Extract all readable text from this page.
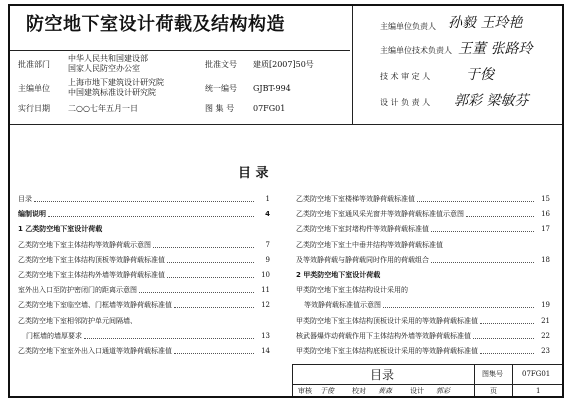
防空地下室设计荷载及结构构造
批准部门
中华人民共和国建设部
国家人民防空办公室	批准文号 建质[2007]50号
主编单位
上海市地下建筑设计研究院
中国建筑标准设计研究院	统一编号 GJBT-994
实行日期 二○○七年五月一日	图 集 号 07FG01
主编单位负责人 孙毅 王玲艳
主编单位技术负责人 王董 张路玲
技 术 审 定 人	于俊
设 计 负 责 人 郭彩 梁敏芬
目 录
目录	1
编制说明	4
1 乙类防空地下室设计荷载
乙类防空地下室主体结构等效静荷载示意图	7
乙类防空地下室主体结构顶板等效静荷载标准值	9
乙类防空地下室主体结构外墙等效静荷载标准值	10
室外出入口至防护密闭门的距离示意图	11
乙类防空地下室临空墙、门框墙等效静荷载标准值	12
乙类防空地下室相邻防护单元间隔墙、
门框墙的墙厚要求	13
乙类防空地下室室外出入口通道等效静荷载标准值	14
乙类防空地下室楼梯等效静荷载标准值	15
乙类防空地下室通风采光窗井等效静荷载标准值示意图	16
乙类防空地下室封堵构件等效静荷载标准值	17
乙类防空地下室土中垂井结构等效静荷载标准值
及等效静荷载与静荷载同时作用的荷载组合	18
2 甲类防空地下室设计荷载
甲类防空地下室主体结构设计采用的
等效静荷载标准值示意图	19
甲类防空地下室主体结构顶板设计采用的等效静荷载标准值	21
核武器爆炸动荷载作用下主体结构外墙等效静荷载标准值	22
甲类防空地下室主体结构底板设计采用的等效静荷载标准值	23
目录	图集号	07FG01
审核 于俊	校对 黄森	设计 郭彩	页	1
